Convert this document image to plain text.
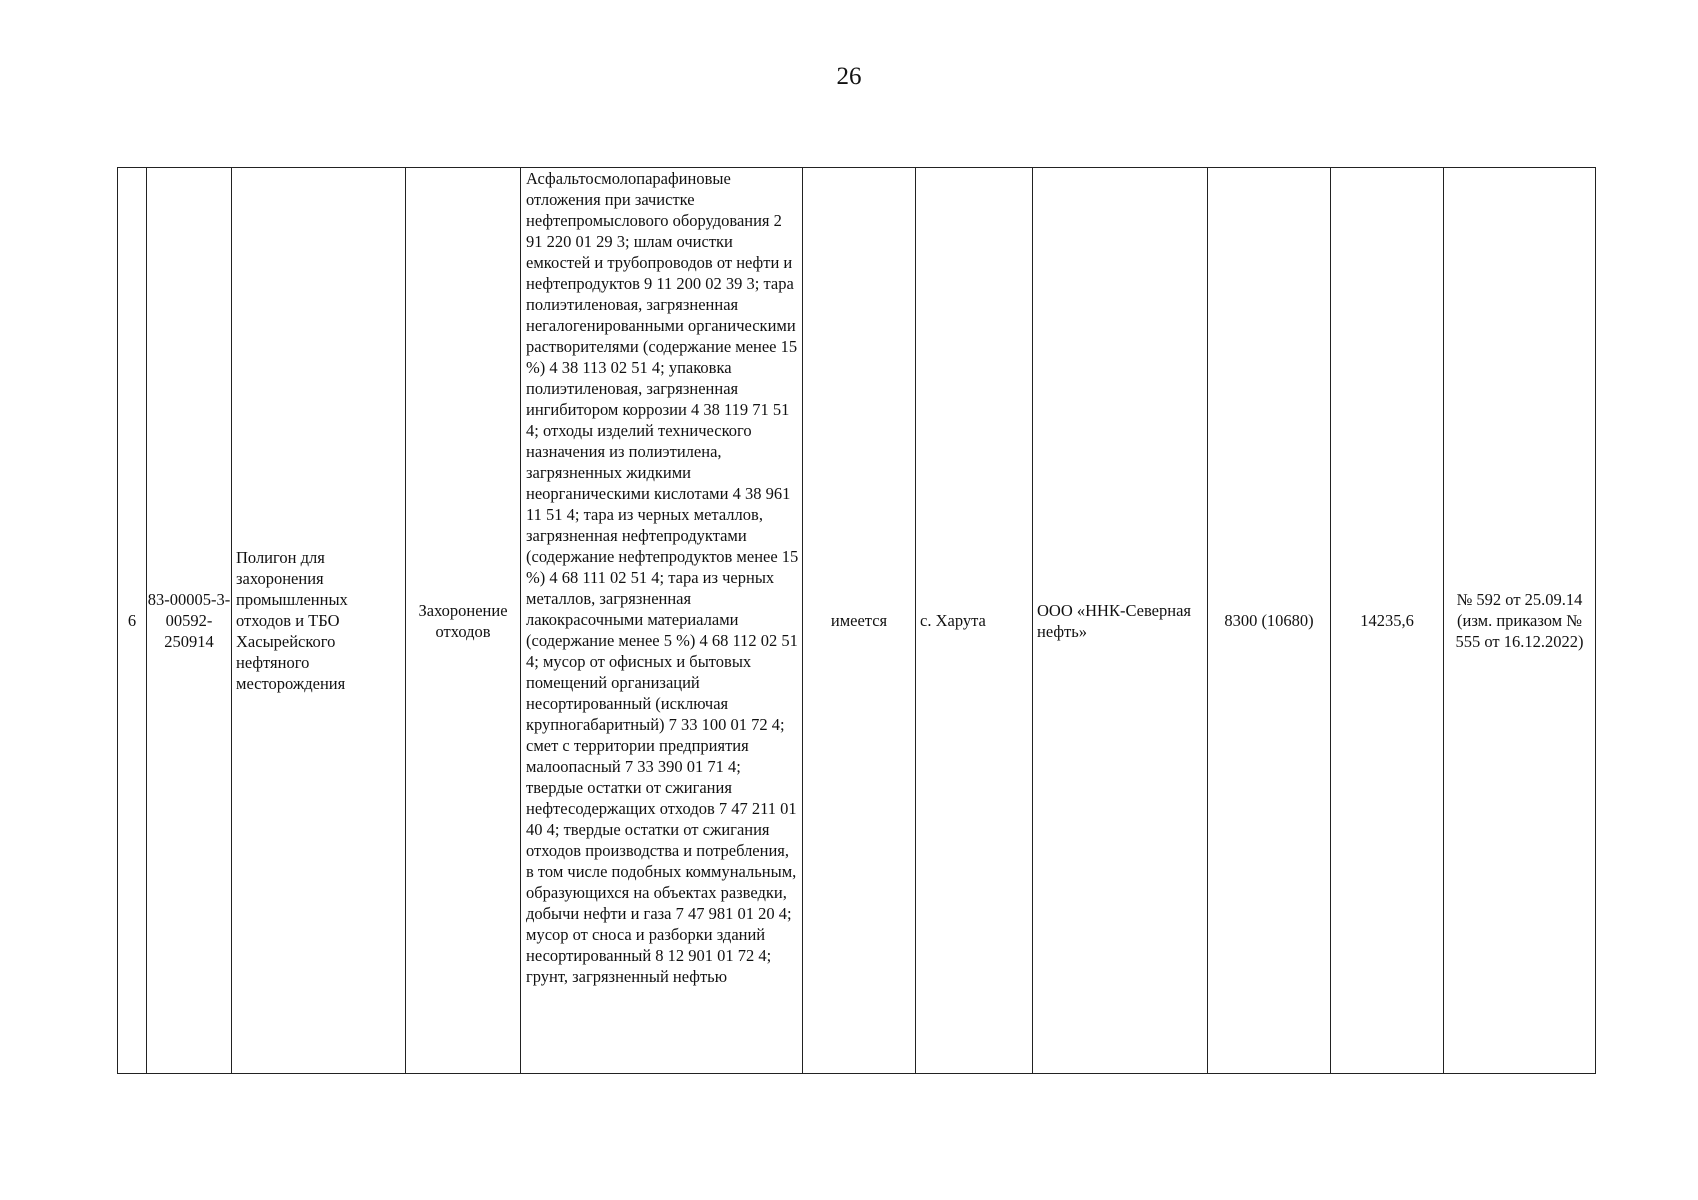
26
6	83-00005-3-00592-250914	Полигон для захоронения промышленных отходов и ТБО Хасырейского нефтяного месторождения	Захоронение отходов	Асфальтосмолопарафиновые отложения при зачистке нефтепромыслового оборудования 2 91 220 01 29 3; шлам очистки емкостей и трубопроводов от нефти и нефтепродуктов 9 11 200 02 39 3; тара полиэтиленовая, загрязненная негалогенированными органическими растворителями (содержание менее 15 %) 4 38 113 02 51 4; упаковка полиэтиленовая, загрязненная ингибитором коррозии 4 38 119 71 51 4; отходы изделий технического назначения из полиэтилена, загрязненных жидкими неорганическими кислотами 4 38 961 11 51 4; тара из черных металлов, загрязненная нефтепродуктами (содержание нефтепродуктов менее 15 %) 4 68 111 02 51 4; тара из черных металлов, загрязненная лакокрасочными материалами (содержание менее 5 %) 4 68 112 02 51 4; мусор от офисных и бытовых помещений организаций несортированный (исключая крупногабаритный) 7 33 100 01 72 4; смет с территории предприятия малоопасный 7 33 390 01 71 4; твердые остатки от сжигания нефтесодержащих отходов 7 47 211 01 40 4; твердые остатки от сжигания отходов производства и потребления, в том числе подобных коммунальным, образующихся на объектах разведки, добычи нефти и газа 7 47 981 01 20 4; мусор от сноса и разборки зданий несортированный 8 12 901 01 72 4; грунт, загрязненный нефтью	имеется	с. Харута	ООО «ННК-Северная нефть»	8300 (10680)	14235,6	№ 592 от 25.09.14 (изм. приказом № 555 от 16.12.2022)
